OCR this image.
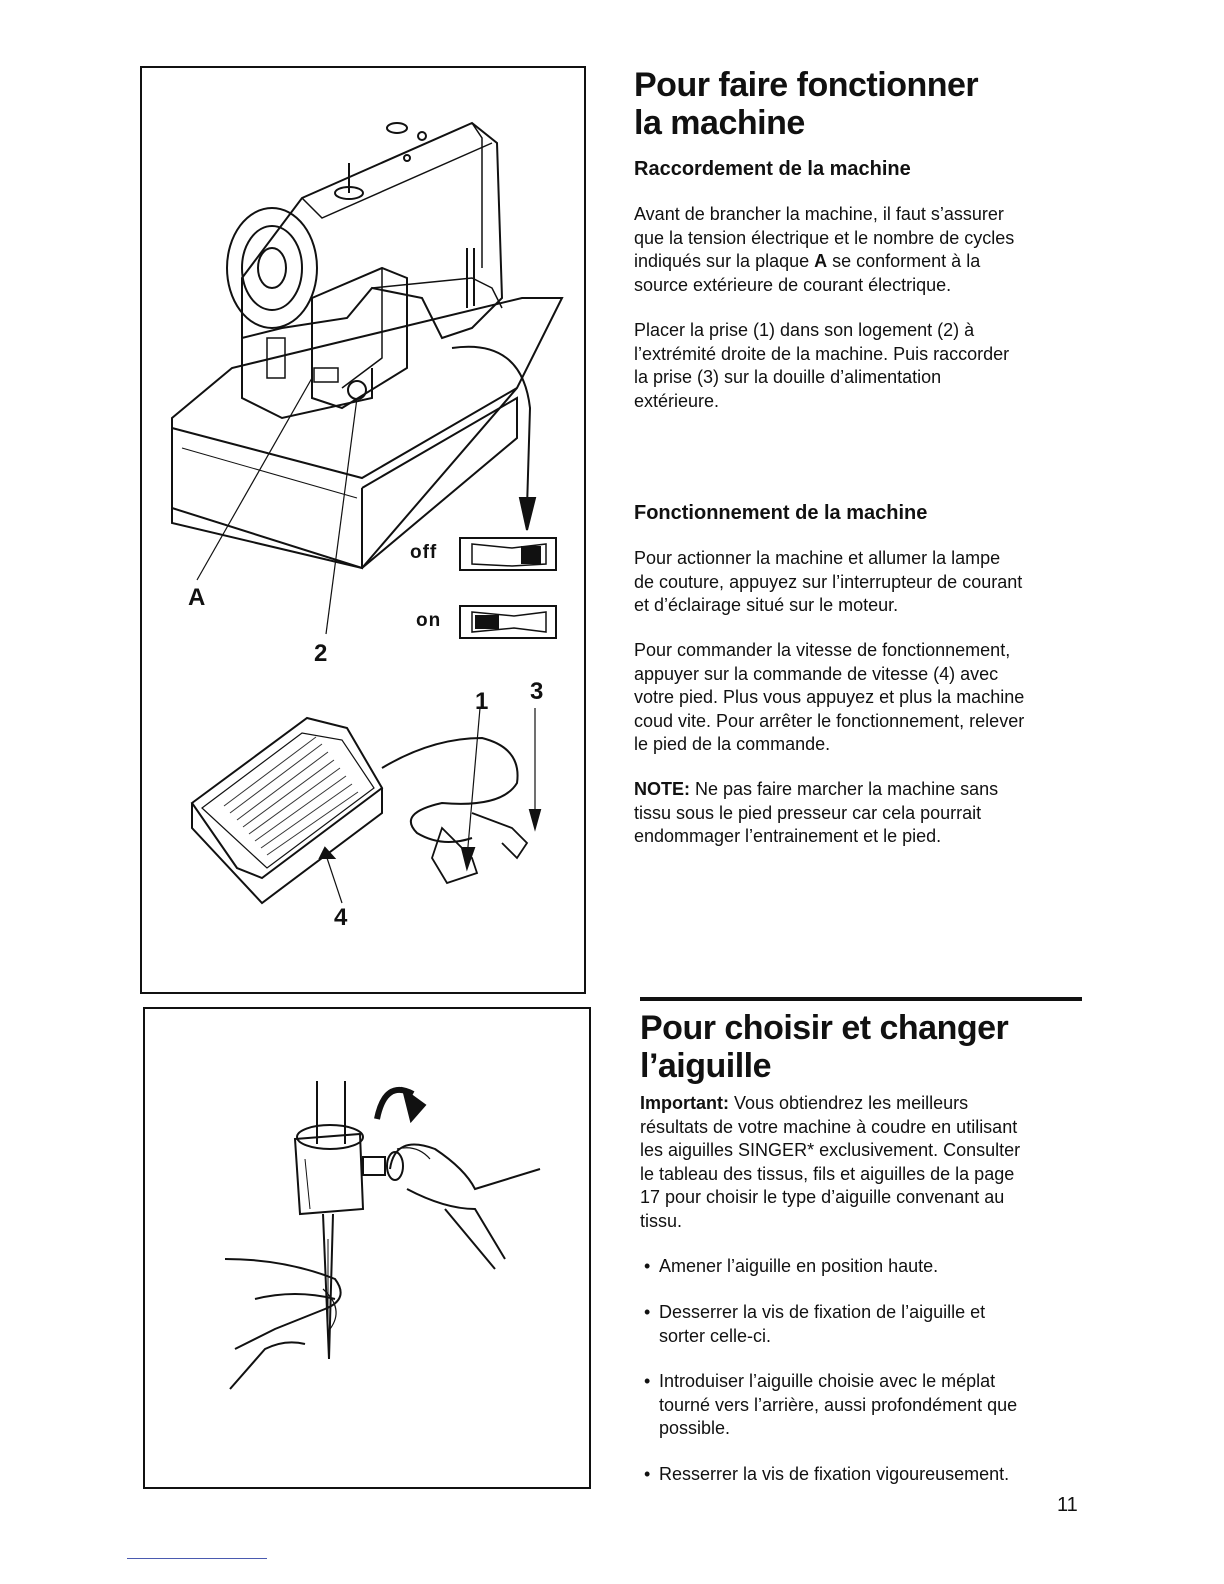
A
2
1 3
4
off
on
Pour faire fonctionner
la machine
Raccordement de la machine

Avant de brancher la machine, il faut s’assurer
que la tension électrique et le nombre de cycles
indiqués sur la plaque A se conforment à la
source extérieure de courant électrique.

Placer la prise (1) dans son logement (2) à
l’extrémité droite de la machine. Puis raccorder
la prise (3) sur la douille d’alimentation
extérieure.

Fonctionnement de la machine

Pour actionner la machine et allumer la lampe
de couture, appuyez sur l’interrupteur de courant
et d’éclairage situé sur le moteur.

Pour commander la vitesse de fonctionnement,
appuyer sur la commande de vitesse (4) avec
votre pied. Plus vous appuyez et plus la machine
coud vite. Pour arrêter le fonctionnement, relever
le pied de la commande.

NOTE: Ne pas faire marcher la machine sans
tissu sous le pied presseur car cela pourrait
endommager l’entrainement et le pied.

Pour choisir et changer
l’aiguille

Important: Vous obtiendrez les meilleurs
résultats de votre machine à coudre en utilisant
les aiguilles SINGER* exclusivement. Consulter
le tableau des tissus, fils et aiguilles de la page
17 pour choisir le type d’aiguille convenant au
tissu.

• Amener l’aiguille en position haute.
• Desserrer la vis de fixation de l’aiguille et
sorter celle-ci.
• Introduiser l’aiguille choisie avec le méplat
tourné vers l’arrière, aussi profondément que
possible.
• Resserrer la vis de fixation vigoureusement.
11
